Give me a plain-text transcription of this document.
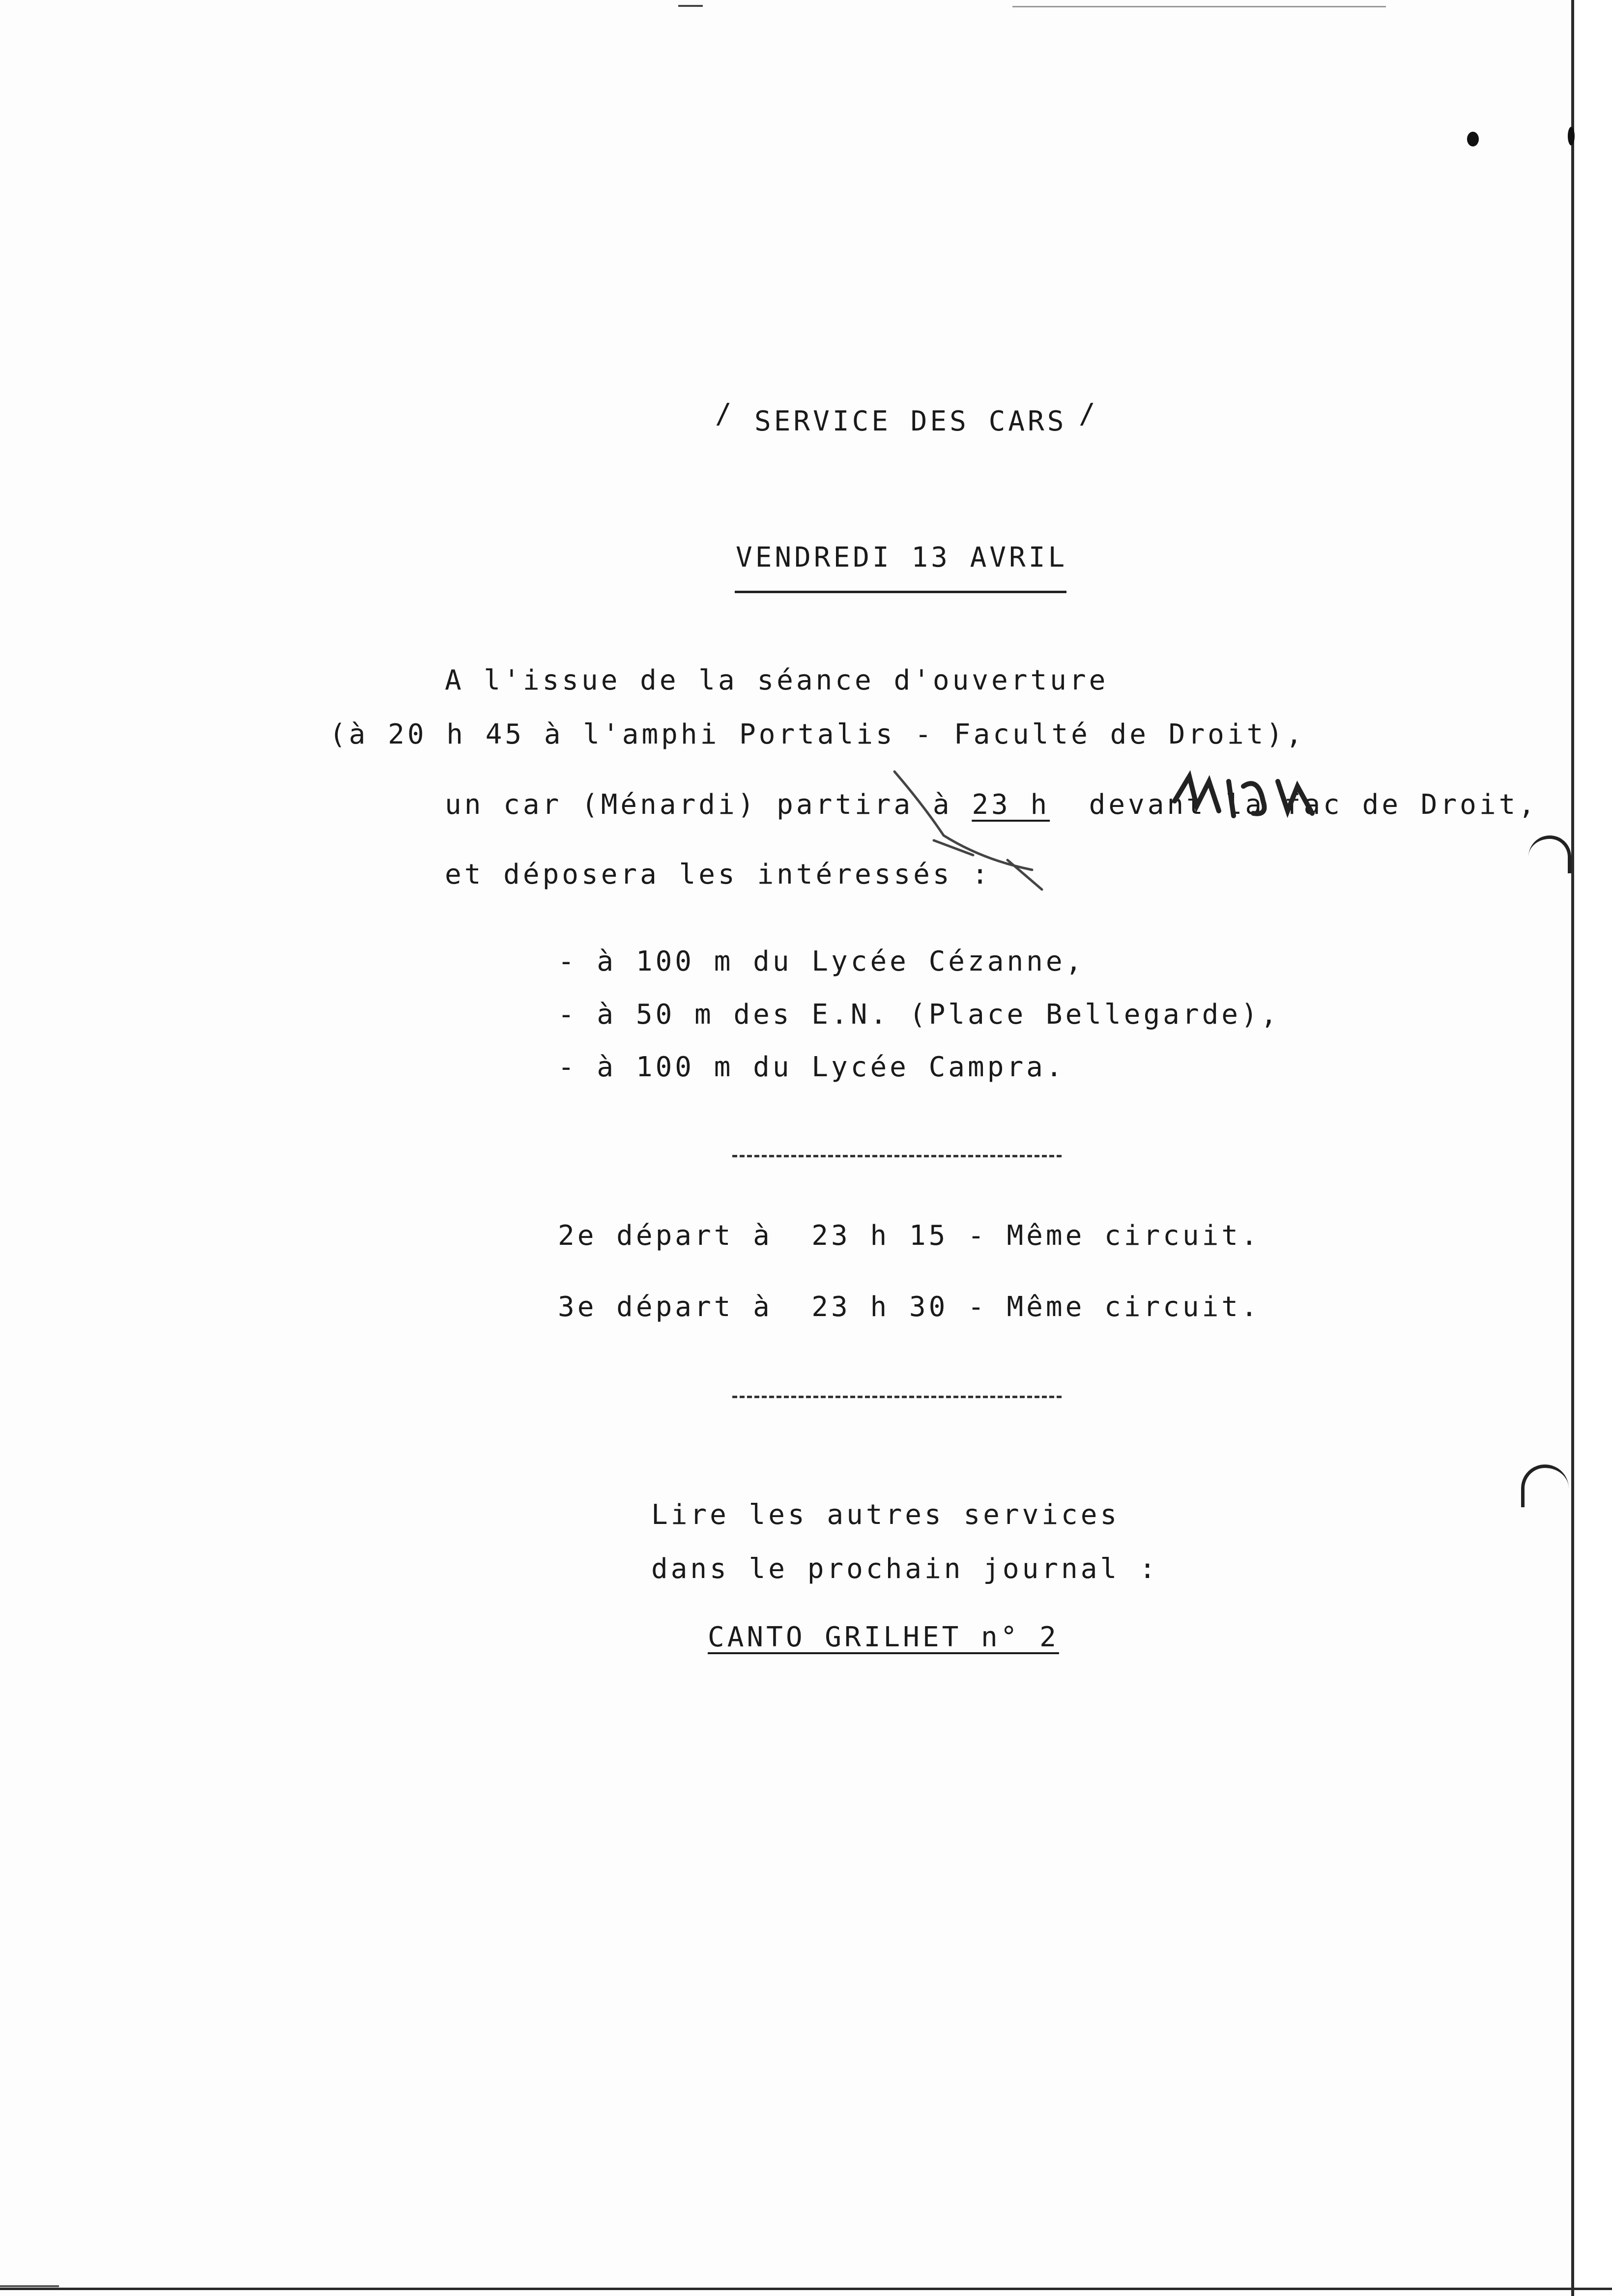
/ SERVICE DES CARS /
VENDREDI 13 AVRIL
A l'issue de la séance d'ouverture
(à 20 h 45 à l'amphi Portalis - Faculté de Droit),
un car (Ménardi) partira à 23 h  devant la fac de Droit,
et déposera les intéressés :
- à 100 m du Lycée Cézanne,
- à 50 m des E.N. (Place Bellegarde),
- à 100 m du Lycée Campra.
2e départ à  23 h 15 - Même circuit.
3e départ à  23 h 30 - Même circuit.
Lire les autres services
dans le prochain journal :
CANTO GRILHET n° 2
